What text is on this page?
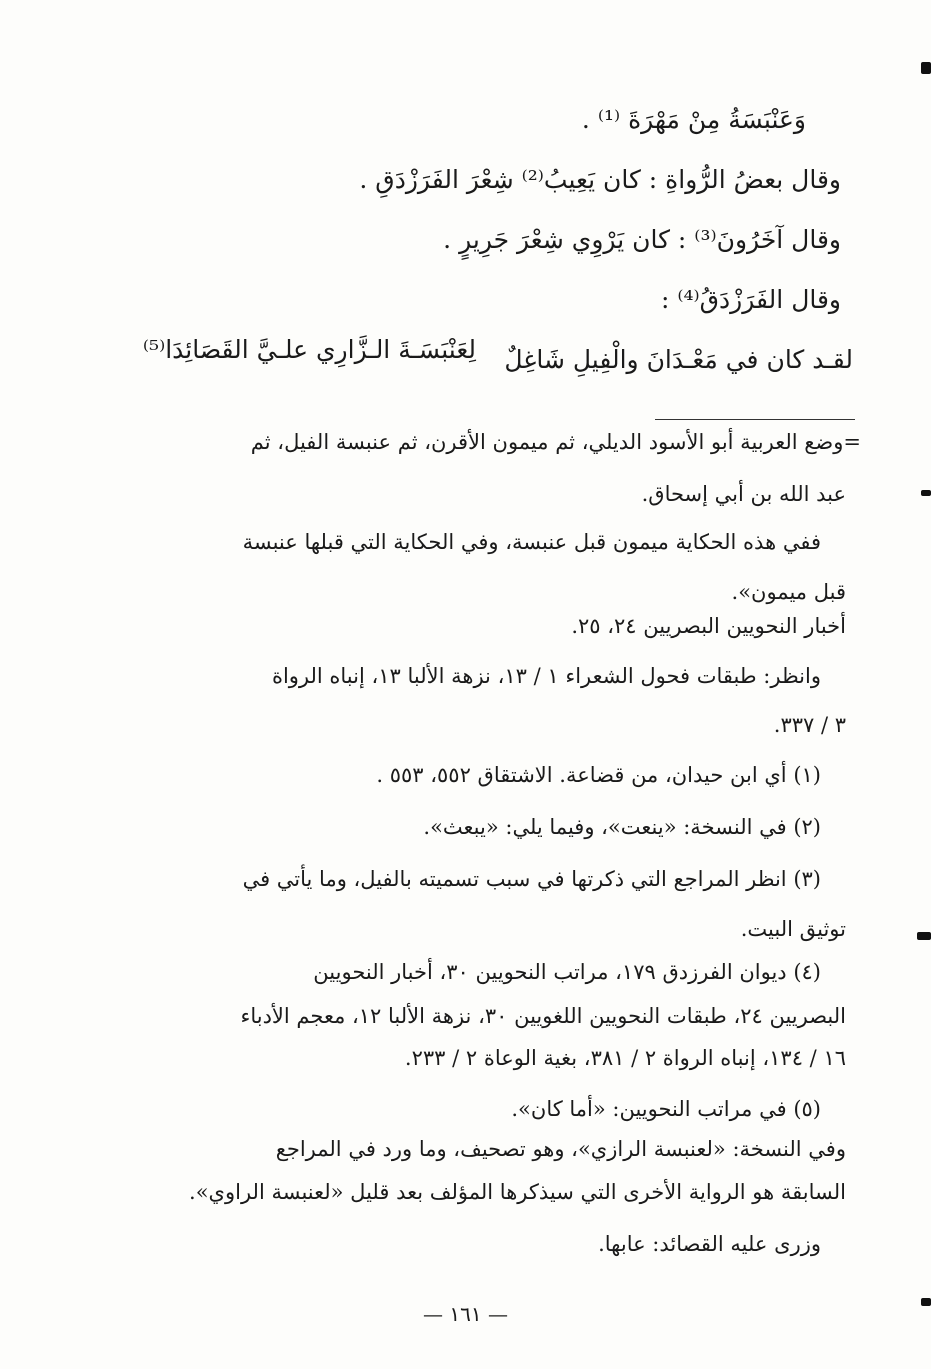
وَعَنْبَسَةُ مِنْ مَهْرَةَ ⁽¹⁾ .
وقال بعضُ الرُّواةِ : كان يَعِيبُ⁽²⁾ شِعْرَ الفَرَزْدَقِ .
وقال آخَرُونَ⁽³⁾ : كان يَرْوِي شِعْرَ جَرِيرٍ .
وقال الفَرَزْدَقُ⁽⁴⁾ :
لقـد كان في مَعْـدَانَ والْفِيلِ شَاغِلٌ
لِعَنْبَسَـةَ الـزَّارِي علـيَّ القَصَائِدَا⁽⁵⁾
=وضع العربية أبو الأسود الديلي، ثم ميمون الأقرن، ثم عنبسة الفيل، ثم
عبد الله بن أبي إسحاق.
ففي هذه الحكاية ميمون قبل عنبسة، وفي الحكاية التي قبلها عنبسة
قبل ميمون».
أخبار النحويين البصريين ٢٤، ٢٥.
وانظر: طبقات فحول الشعراء ١ / ١٣، نزهة الألبا ١٣، إنباه الرواة
٣ / ٣٣٧.
(١) أي ابن حيدان، من قضاعة. الاشتقاق ٥٥٢، ٥٥٣ .
(٢) في النسخة: «ينعت»، وفيما يلي: «يبعث».
(٣) انظر المراجع التي ذكرتها في سبب تسميته بالفيل، وما يأتي في
توثيق البيت.
(٤) ديوان الفرزدق ١٧٩، مراتب النحويين ٣٠، أخبار النحويين
البصريين ٢٤، طبقات النحويين اللغويين ٣٠، نزهة الألبا ١٢، معجم الأدباء
١٦ / ١٣٤، إنباه الرواة ٢ / ٣٨١، بغية الوعاة ٢ / ٢٣٣.
(٥) في مراتب النحويين: «أما كان».
وفي النسخة: «لعنبسة الرازي»، وهو تصحيف، وما ورد في المراجع
السابقة هو الرواية الأخرى التي سيذكرها المؤلف بعد قليل «لعنبسة الراوي».
وزرى عليه القصائد: عابها.
— ١٦١ —
